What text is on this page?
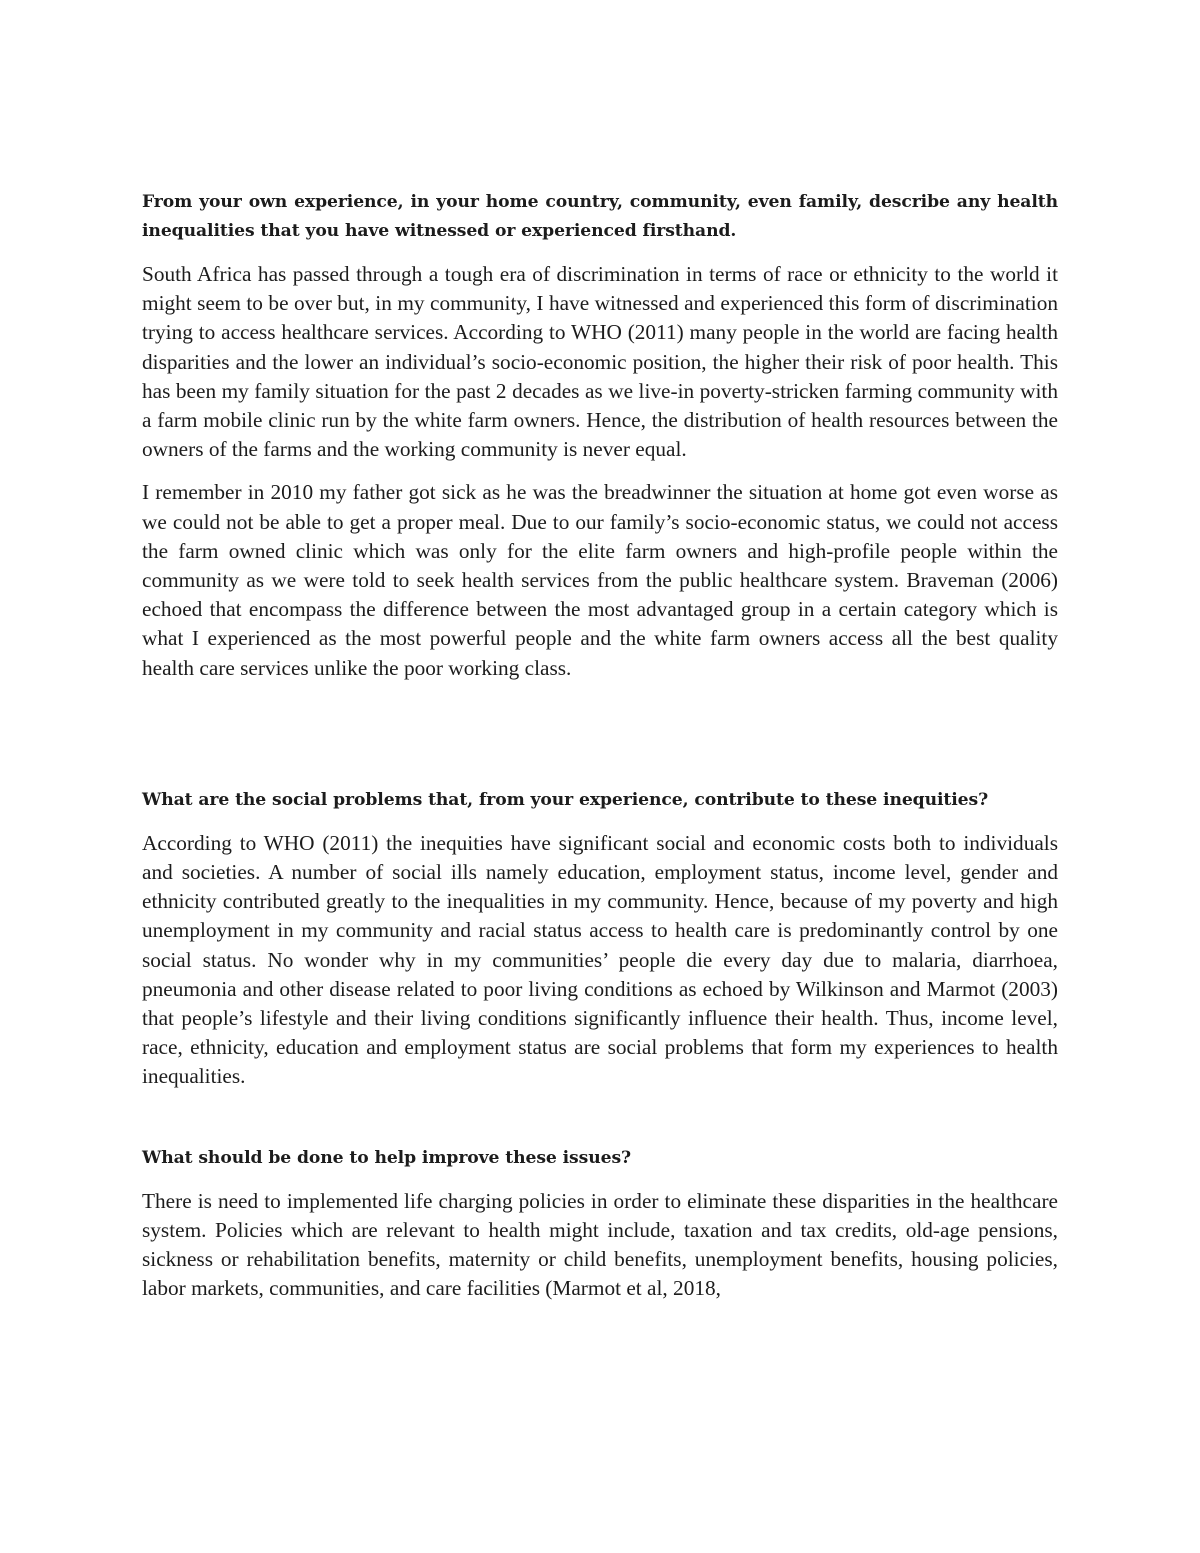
From your own experience, in your home country, community, even family, describe any health inequalities that you have witnessed or experienced firsthand.

South Africa has passed through a tough era of discrimination in terms of race or ethnicity to the world it might seem to be over but, in my community, I have witnessed and experienced this form of discrimination trying to access healthcare services. According to WHO (2011) many people in the world are facing health disparities and the lower an individual’s socio-economic position, the higher their risk of poor health. This has been my family situation for the past 2 decades as we live-in poverty-stricken farming community with a farm mobile clinic run by the white farm owners. Hence, the distribution of health resources between the owners of the farms and the working community is never equal.

I remember in 2010 my father got sick as he was the breadwinner the situation at home got even worse as we could not be able to get a proper meal. Due to our family’s socio-economic status, we could not access the farm owned clinic which was only for the elite farm owners and high-profile people within the community as we were told to seek health services from the public healthcare system. Braveman (2006) echoed that encompass the difference between the most advantaged group in a certain category which is what I experienced as the most powerful people and the white farm owners access all the best quality health care services unlike the poor working class.

What are the social problems that, from your experience, contribute to these inequities?

According to WHO (2011) the inequities have significant social and economic costs both to individuals and societies. A number of social ills namely education, employment status, income level, gender and ethnicity contributed greatly to the inequalities in my community. Hence, because of my poverty and high unemployment in my community and racial status access to health care is predominantly control by one social status. No wonder why in my communities’ people die every day due to malaria, diarrhoea, pneumonia and other disease related to poor living conditions as echoed by Wilkinson and Marmot (2003) that people’s lifestyle and their living conditions significantly influence their health. Thus, income level, race, ethnicity, education and employment status are social problems that form my experiences to health inequalities.

What should be done to help improve these issues?

There is need to implemented life charging policies in order to eliminate these disparities in the healthcare system. Policies which are relevant to health might include, taxation and tax credits, old-age pensions, sickness or rehabilitation benefits, maternity or child benefits, unemployment benefits, housing policies, labor markets, communities, and care facilities (Marmot et al, 2018,
